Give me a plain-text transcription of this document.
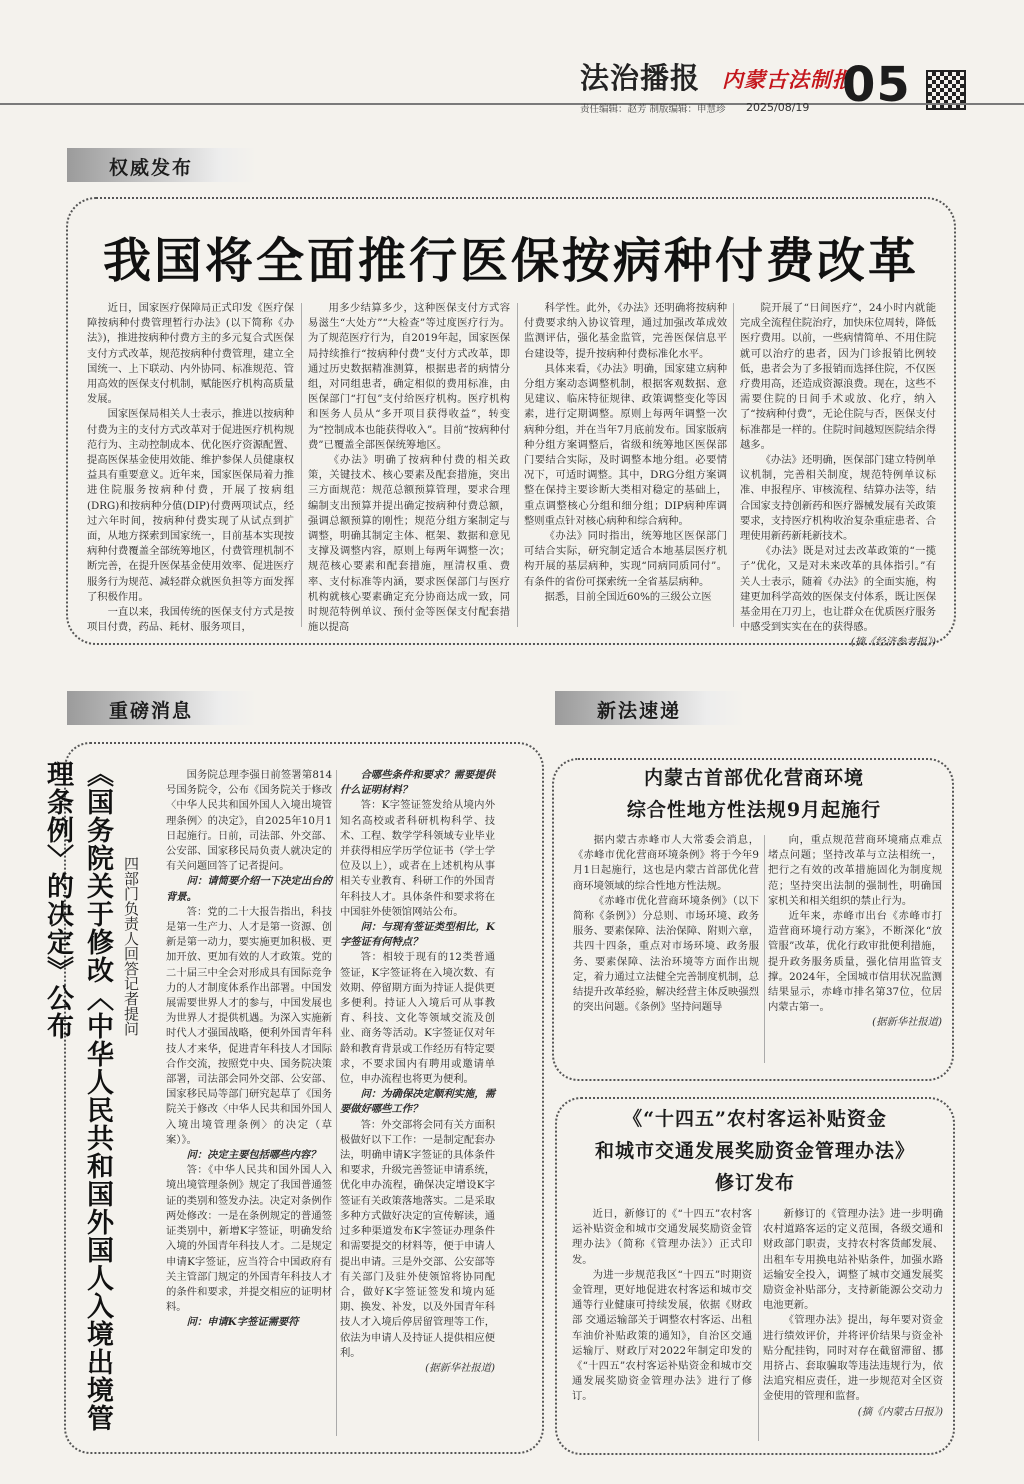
法治播报 内蒙古法制报
05
责任编辑：赵芳 制版编辑：申慧珍 2025/08/19
权威发布
重磅消息	新法速递
我国将全面推行医保按病种付费改革

近日，国家医疗保障局正式印发《医疗保障按病种付费管理暂行办法》(以下简称《办法》)，推进按病种付费方主的多元复合式医保支付方式改革，规范按病种付费管理，建立全国统一、上下联动、内外协同、标准规范、管用高效的医保支付机制，赋能医疗机构高质量发展。

国家医保局相关人士表示，推进以按病种付费为主的支付方式改革对于促进医疗机构规范行为、主动控制成本、优化医疗资源配置、提高医保基金使用效能、维护参保人员健康权益具有重要意义。近年来，国家医保局着力推进住院服务按病种付费，开展了按病组(DRG)和按病种分值(DIP)付费两项试点，经过六年时间，按病种付费实现了从试点到扩面，从地方探索到国家统一，目前基本实现按病种付费覆盖全部统筹地区，付费管理机制不断完善，在提升医保基金使用效率、促进医疗服务行为规范、减轻群众就医负担等方面发挥了积极作用。

一直以来，我国传统的医保支付方式是按项目付费，药品、耗材、服务项目，

用多少结算多少，这种医保支付方式容易滋生“大处方”“大检查”等过度医疗行为。为了规范医疗行为，自2019年起，国家医保局持续推行“按病种付费”支付方式改革，即通过历史数据精准测算，根据患者的病情分组，对同组患者，确定相似的费用标准，由医保部门“打包”支付给医疗机构。医疗机构和医务人员从“多开项目获得收益”，转变为“控制成本也能获得收入”。目前“按病种付费”已覆盖全部医保统筹地区。

《办法》明确了按病种付费的相关政策，关键技术、核心要素及配套措施，突出三方面规范：规范总额预算管理，要求合理编制支出预算并提出确定按病种付费总额，强调总额预算的刚性；规范分组方案制定与调整，明确其制定主体、框架、数据和意见支撑及调整内容，原则上每两年调整一次；规范核心要素和配套措施，厘清权重、费率、支付标准等内涵，要求医保部门与医疗机构就核心要素确定充分协商达成一致，同时规范特例单议、预付金等医保支付配套措施以提高

科学性。此外，《办法》还明确将按病种付费要求纳入协议管理，通过加强改革成效监测评估，强化基金监管，完善医保信息平台建设等，提升按病种付费标准化水平。

具体来看，《办法》明确，国家建立病种分组方案动态调整机制，根据客观数据、意见建议、临床特征规律、政策调整变化等因素，进行定期调整。原则上每两年调整一次病种分组，并在当年7月底前发布。国家版病种分组方案调整后，省级和统筹地区医保部门要结合实际，及时调整本地分组。必要情况下，可适时调整。其中，DRG分组方案调整在保持主要诊断大类相对稳定的基础上，重点调整核心分组和细分组；DIP病种库调整则重点针对核心病种和综合病种。

《办法》同时指出，统筹地区医保部门可结合实际，研究制定适合本地基层医疗机构开展的基层病种，实现“同病同质同付”。有条件的省份可探索统一全省基层病种。

据悉，目前全国近60%的三级公立医

院开展了“日间医疗”，24小时内就能完成全流程住院治疗，加快床位周转，降低医疗费用。以前，一些病情简单、不用住院就可以治疗的患者，因为门诊报销比例较低，患者会为了多报销而选择住院，不仅医疗费用高，还造成资源浪费。现在，这些不需要住院的日间手术或放、化疗，纳入了“按病种付费”，无论住院与否，医保支付标准都是一样的。住院时间越短医院结余得越多。

《办法》还明确，医保部门建立特例单议机制，完善相关制度，规范特例单议标准、申报程序、审核流程、结算办法等，结合国家支持创新药和医疗器械发展有关政策要求，支持医疗机构收治复杂重症患者、合理使用新药新耗新技术。

《办法》既是对过去改革政策的“一揽子”优化，又是对未来改革的具体指引。”有关人士表示，随着《办法》的全面实施，构建更加科学高效的医保支付体系，既让医保基金用在刀刃上，也让群众在优质医疗服务中感受到实实在在的获得感。

(摘《经济参考报》)

《国务院关于修改〈中华人民共和国外国人入境出境管理条例〉的决定》公布	四部门负责人回答记者提问

国务院总理李强日前签署第814号国务院令，公布《国务院关于修改〈中华人民共和国外国人入境出境管理条例〉的决定》，自2025年10月1日起施行。日前，司法部、外交部、公安部、国家移民局负责人就决定的有关问题回答了记者提问。

问：请简要介绍一下决定出台的背景。

答：党的二十大报告指出，科技是第一生产力、人才是第一资源、创新是第一动力，要实施更加积极、更加开放、更加有效的人才政策。党的二十届三中全会对形成具有国际竞争力的人才制度体系作出部署。中国发展需要世界人才的参与，中国发展也为世界人才提供机遇。为深入实施新时代人才强国战略，便利外国青年科技人才来华，促进青年科技人才国际合作交流，按照党中央、国务院决策部署，司法部会同外交部、公安部、国家移民局等部门研究起草了《国务院关于修改〈中华人民共和国外国人入境出境管理条例〉的决定（草案）》。

问：决定主要包括哪些内容？

答：《中华人民共和国外国人入境出境管理条例》规定了我国普通签证的类别和签发办法。决定对条例作两处修改：一是在条例规定的普通签证类别中，新增K字签证，明确发给入境的外国青年科技人才。二是规定申请K字签证，应当符合中国政府有关主管部门规定的外国青年科技人才的条件和要求，并提交相应的证明材料。

问：申请K字签证需要符

合哪些条件和要求？需要提供什么证明材料？

答：K字签证签发给从境内外知名高校或者科研机构科学、技术、工程、数学学科领域专业毕业并获得相应学历学位证书（学士学位及以上），或者在上述机构从事相关专业教育、科研工作的外国青年科技人才。具体条件和要求将在中国驻外使领馆网站公布。

问：与现有签证类型相比，K字签证有何特点？

答：相较于现有的12类普通签证，K字签证将在入境次数、有效期、停留期方面为持证人提供更多便利。持证人入境后可从事教育、科技、文化等领域交流及创业、商务等活动。K字签证仅对年龄和教育背景或工作经历有特定要求，不要求国内有聘用或邀请单位，申办流程也将更为便利。

问：为确保决定顺利实施，需要做好哪些工作？

答：外交部将会同有关方面积极做好以下工作：一是制定配套办法，明确申请K字签证的具体条件和要求，升级完善签证申请系统，优化申办流程，确保决定增设K字签证有关政策落地落实。二是采取多种方式做好决定的宣传解读，通过多种渠道发布K字签证办理条件和需要提交的材料等，便于申请人提出申请。三是外交部、公安部等有关部门及驻外使领馆将协同配合，做好K字签证签发和境内延期、换发、补发，以及外国青年科技人才入境后停居留管理等工作，依法为申请人及持证人提供相应便利。

(据新华社报道)

内蒙古首部优化营商环境
综合性地方性法规9月起施行

据内蒙古赤峰市人大常委会消息，《赤峰市优化营商环境条例》将于今年9月1日起施行，这也是内蒙古首部优化营商环境领域的综合性地方性法规。

《赤峰市优化营商环境条例》（以下简称《条例》）分总则、市场环境、政务服务、要素保障、法治保障、附则六章，共四十四条，重点对市场环境、政务服务、要素保障、法治环境等方面作出规定，着力通过立法健全完善制度机制，总结提升改革经验，解决经营主体反映强烈的突出问题。《条例》坚持问题导

向，重点规范营商环境痛点难点堵点问题；坚持改革与立法相统一，把行之有效的改革措施固化为制度规范；坚持突出法制的强制性，明确国家机关和相关组织的禁止行为。

近年来，赤峰市出台《赤峰市打造营商环境行动方案》，不断深化“放管服”改革，优化行政审批便利措施，提升政务服务质量，强化信用监管支撑。2024年，全国城市信用状况监测结果显示，赤峰市排名第37位，位居内蒙古第一。

(据新华社报道)

《“十四五”农村客运补贴资金
和城市交通发展奖励资金管理办法》
修订发布

近日，新修订的《“十四五”农村客运补贴资金和城市交通发展奖励资金管理办法》（简称《管理办法》）正式印发。

为进一步规范我区“十四五”时期资金管理，更好地促进农村客运和城市交通等行业健康可持续发展，依据《财政部 交通运输部关于调整农村客运、出租车油价补贴政策的通知》，自治区交通运输厅、财政厅对2022年制定印发的《“十四五”农村客运补贴资金和城市交通发展奖励资金管理办法》进行了修订。

新修订的《管理办法》进一步明确农村道路客运的定义范围，各级交通和财政部门职责，支持农村客货邮发展、出租车专用换电站补贴条件，加强水路运输安全投入，调整了城市交通发展奖励资金补贴部分，支持新能源公交动力电池更新。

《管理办法》提出，每年要对资金进行绩效评价，并将评价结果与资金补贴分配挂钩，同时对存在截留滞留、挪用挤占、套取骗取等违法违规行为，依法追究相应责任，进一步规范对全区资金使用的管理和监督。

(摘《内蒙古日报》)
